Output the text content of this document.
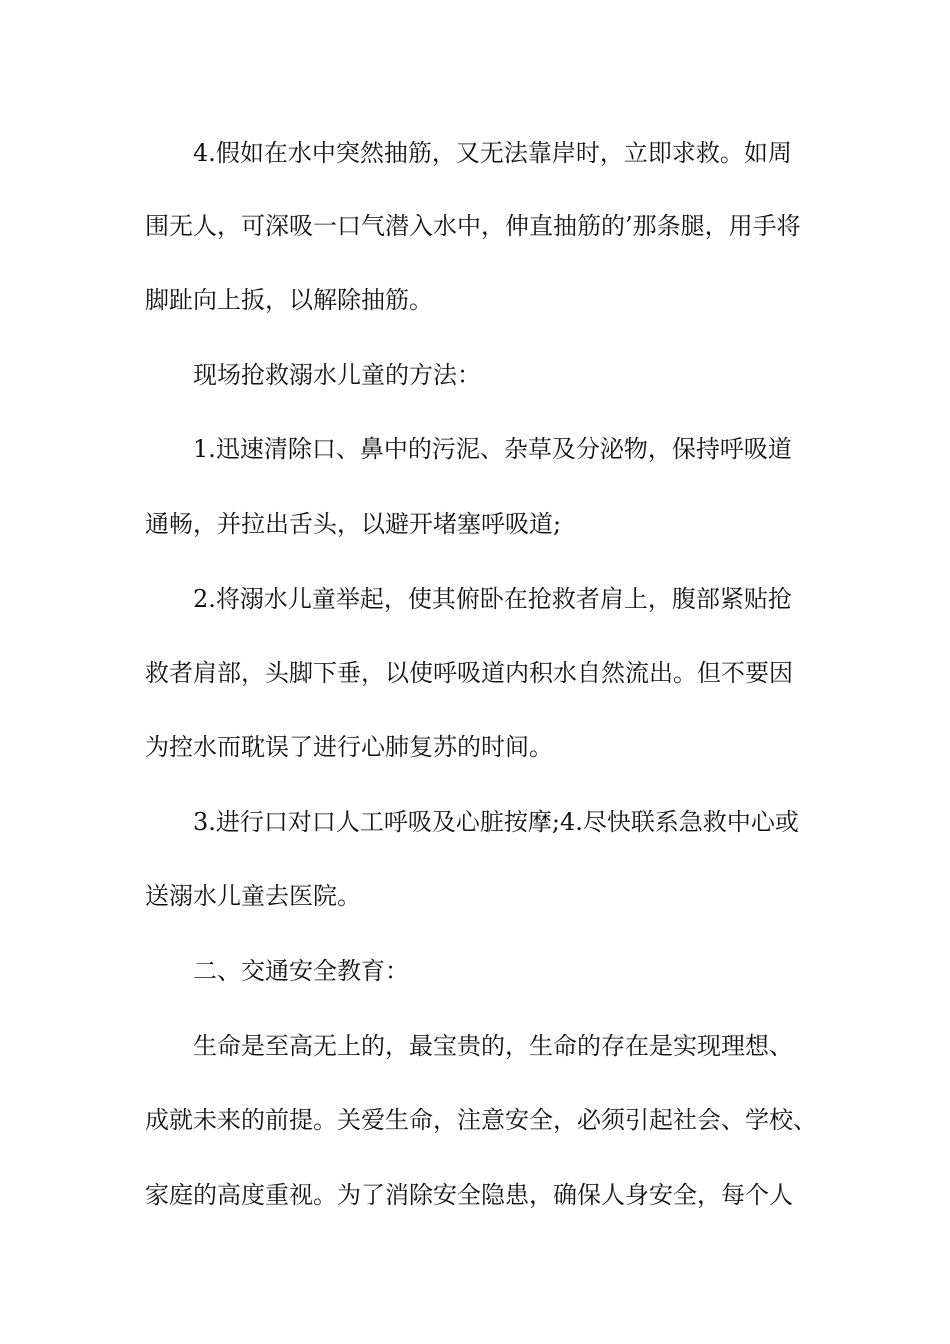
4.假如在水中突然抽筋，又无法靠岸时，立即求救。如周

围无人，可深吸一口气潜入水中，伸直抽筋的’那条腿，用手将

脚趾向上扳，以解除抽筋。

现场抢救溺水儿童的方法：

1.迅速清除口、鼻中的污泥、杂草及分泌物，保持呼吸道

通畅，并拉出舌头，以避开堵塞呼吸道;

2.将溺水儿童举起，使其俯卧在抢救者肩上，腹部紧贴抢

救者肩部，头脚下垂，以使呼吸道内积水自然流出。但不要因

为控水而耽误了进行心肺复苏的时间。

3.进行口对口人工呼吸及心脏按摩;4.尽快联系急救中心或

送溺水儿童去医院。

二、交通安全教育：

生命是至高无上的，最宝贵的，生命的存在是实现理想、

成就未来的前提。关爱生命，注意安全，必须引起社会、学校、

家庭的高度重视。为了消除安全隐患，确保人身安全，每个人
